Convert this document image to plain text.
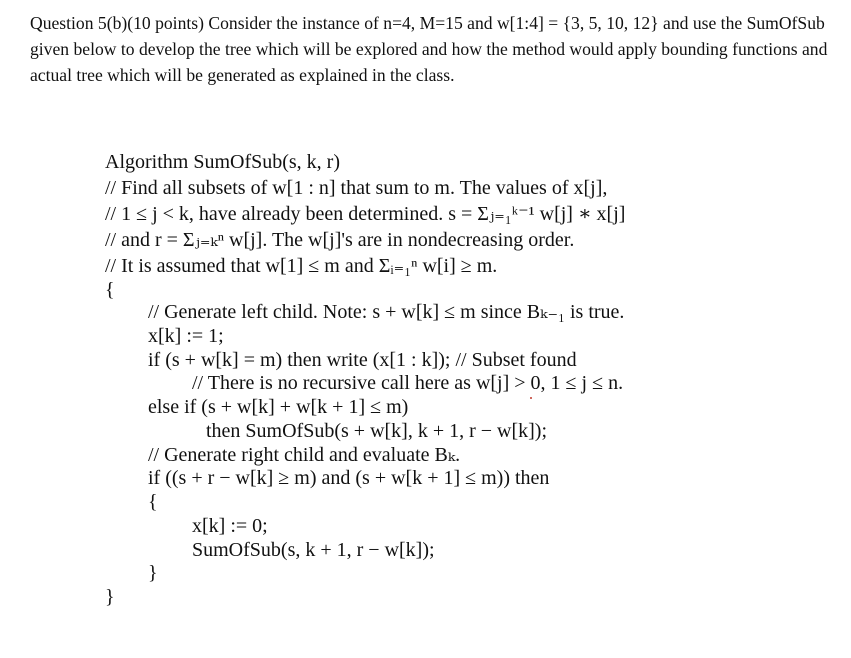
Question 5(b)(10 points) Consider the instance of n=4, M=15 and w[1:4] = {3, 5, 10, 12} and use the SumOfSub given below to develop the tree which will be explored and how the method would apply bounding functions and actual tree which will be generated as explained in the class.

Algorithm SumOfSub(s, k, r)
// Find all subsets of w[1 : n] that sum to m. The values of x[j],
// 1 ≤ j < k, have already been determined. s = Σⱼ₌₁ᵏ⁻¹ w[j] ∗ x[j]
// and r = Σⱼ₌ₖⁿ w[j]. The w[j]'s are in nondecreasing order.
// It is assumed that w[1] ≤ m and Σᵢ₌₁ⁿ w[i] ≥ m.
{
// Generate left child. Note: s + w[k] ≤ m since Bₖ₋₁ is true.
x[k] := 1;
if (s + w[k] = m) then write (x[1 : k]); // Subset found
// There is no recursive call here as w[j] > 0, 1 ≤ j ≤ n.
else if (s + w[k] + w[k + 1] ≤ m)
then SumOfSub(s + w[k], k + 1, r − w[k]);
// Generate right child and evaluate Bₖ.
if ((s + r − w[k] ≥ m) and (s + w[k + 1] ≤ m)) then
{
x[k] := 0;
SumOfSub(s, k + 1, r − w[k]);
}
}
